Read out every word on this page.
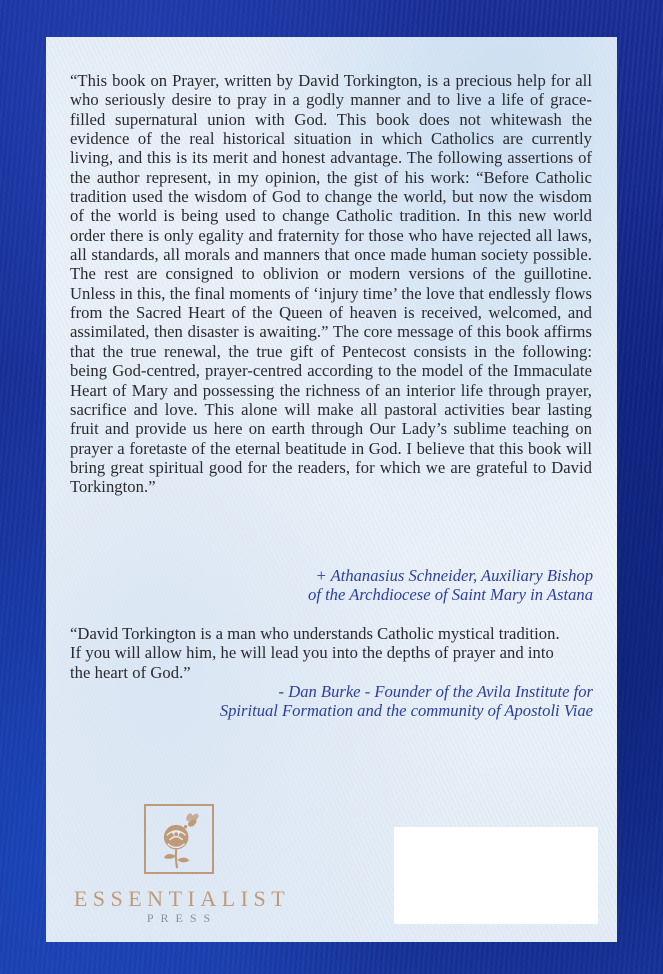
“This book on Prayer, written by David Torkington, is a precious help for all who seriously desire to pray in a godly manner and to live a life of grace-filled supernatural union with God. This book does not whitewash the evidence of the real historical situation in which Catholics are currently living, and this is its merit and honest advantage. The following assertions of the author represent, in my opinion, the gist of his work: “Before Catholic tradition used the wisdom of God to change the world, but now the wisdom of the world is being used to change Catholic tradition. In this new world order there is only egality and fraternity for those who have rejected all laws, all standards, all morals and manners that once made human society possible. The rest are consigned to oblivion or modern versions of the guillotine. Unless in this, the final moments of ‘injury time’ the love that endlessly flows from the Sacred Heart of the Queen of heaven is received, welcomed, and assimilated, then disaster is awaiting.” The core message of this book affirms that the true renewal, the true gift of Pentecost consists in the following: being God-centred, prayer-centred according to the model of the Immaculate Heart of Mary and possessing the richness of an interior life through prayer, sacrifice and love. This alone will make all pastoral activities bear lasting fruit and provide us here on earth through Our Lady’s sublime teaching on prayer a foretaste of the eternal beatitude in God. I believe that this book will bring great spiritual good for the readers, for which we are grateful to David Torkington.”
+ Athanasius Schneider, Auxiliary Bishop
of the Archdiocese of Saint Mary in Astana
“David Torkington is a man who understands Catholic mystical tradition. If you will allow him, he will lead you into the depths of prayer and into the heart of God.”
- Dan Burke - Founder of the Avila Institute for
Spiritual Formation and the community of Apostoli Viae
ESSENTIALIST
PRESS
